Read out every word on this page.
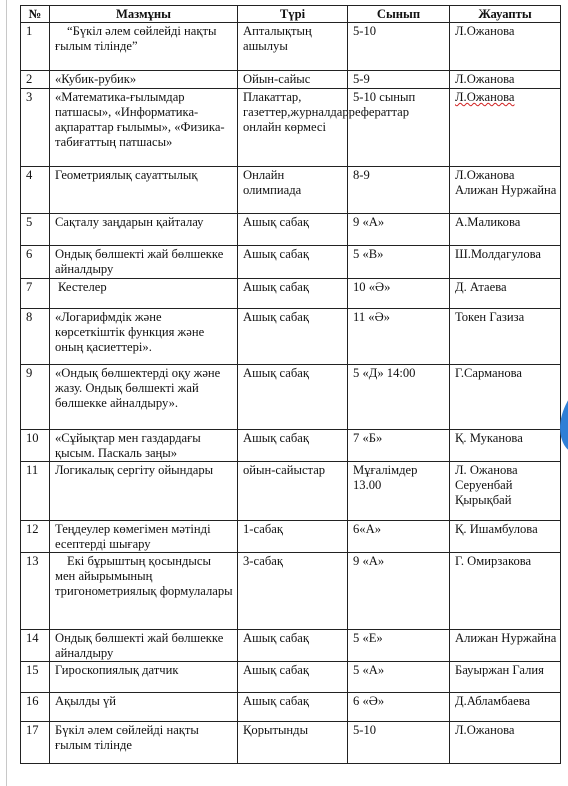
№	Мазмұны	Түрі	Сынып	Жауапты
1	“Бүкіл әлем сөйлейді нақты ғылым тілінде”	Апталықтың ашылуы	5-10	Л.Ожанова
2	«Кубик-рубик»	Ойын-сайыс	5-9	Л.Ожанова
3	«Математика-ғылымдар патшасы», «Информатика-ақпараттар ғылымы», «Физика-табиғаттың патшасы»	Плакаттар, газеттер,журналдаррефераттар онлайн көрмесі	5-10 сынып	Л.Ожанова
4	Геометриялық сауаттылық	Онлайн олимпиада	8-9	Л.Ожанова Алижан Нуржайна
5	Сақталу заңдарын қайталау	Ашық сабақ	9 «А»	А.Маликова
6	Ондық бөлшекті жай бөлшекке айналдыру	Ашық сабақ	5 «В»	Ш.Молдагулова
7	Кестелер	Ашық сабақ	10 «Ә»	Д. Атаева
8	«Логарифмдік және көрсеткіштік функция және оның қасиеттері».	Ашық сабақ	11 «Ә»	Токен Газиза
9	«Ондық бөлшектерді оқу және жазу. Ондық бөлшекті жай бөлшекке айналдыру».	Ашық сабақ	5 «Д» 14:00	Г.Сарманова
10	«Сұйықтар мен газдардағы қысым. Паскаль заңы»	Ашық сабақ	7 «Б»	Қ. Муканова
11	Логикалық сергіту ойындары	ойын-сайыстар	Мұғалімдер 13.00	Л. Ожанова Серуенбай Қырықбай
12	Теңдеулер көмегімен мәтінді есептерді шығару	1-сабақ	6«А»	Қ. Ишамбулова
13	Екі бұрыштың қосындысы мен айырымының тригонометриялық формулалары	3-сабақ	9 «А»	Г. Омирзакова
14	Ондық бөлшекті жай бөлшекке айналдыру	Ашық сабақ	5 «Е»	Алижан Нуржайна
15	Гироскопиялық датчик	Ашық сабақ	5 «А»	Бауыржан Галия
16	Ақылды үй	Ашық сабақ	6 «Ә»	Д.Абламбаева
17	Бүкіл әлем сөйлейді нақты ғылым тілінде	Қорытынды	5-10	Л.Ожанова
